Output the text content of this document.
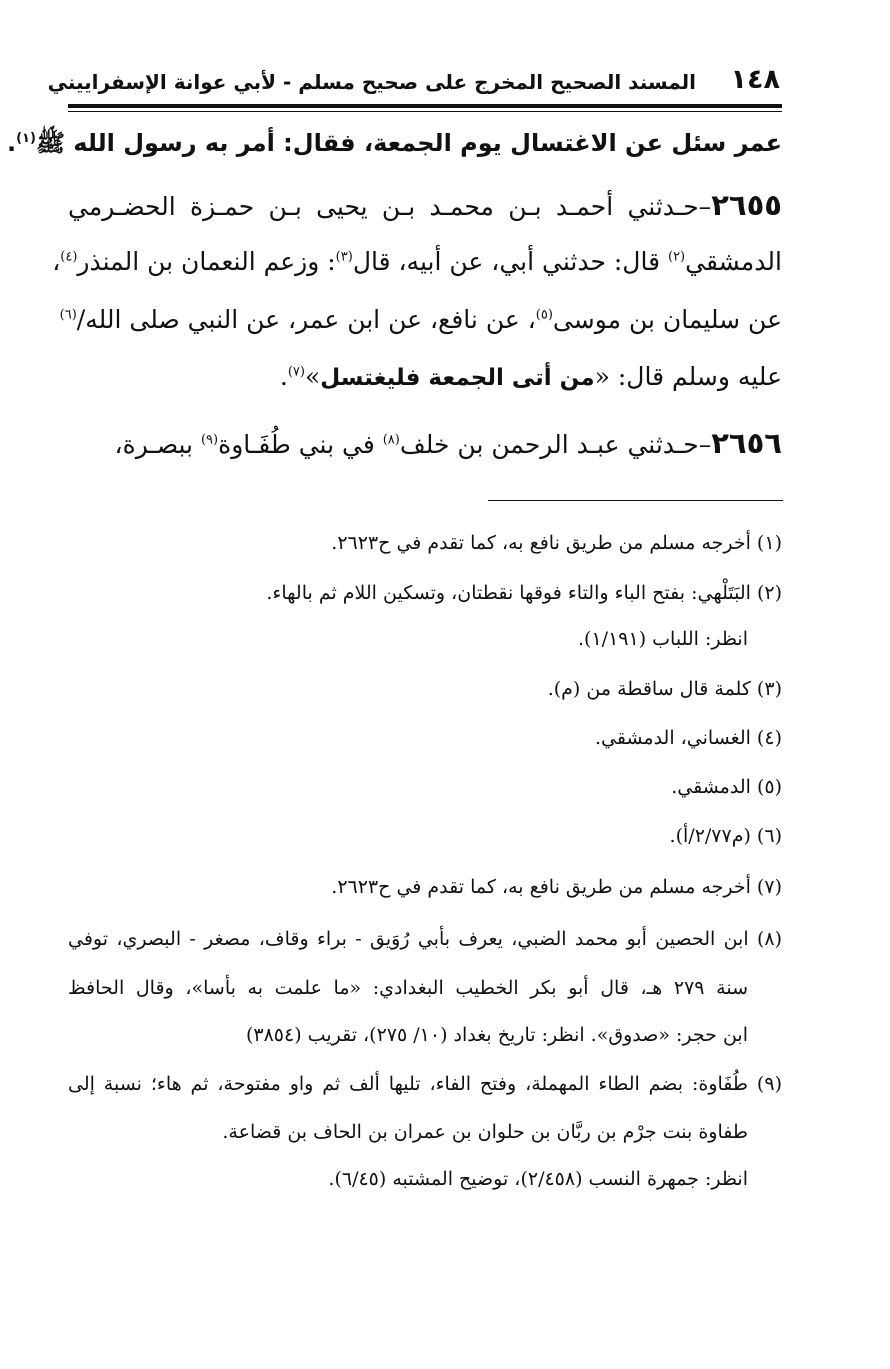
١٤٨
المسند الصحيح المخرج على صحيح مسلم - لأبي عوانة الإسفراييني
عمر سئل عن الاغتسال يوم الجمعة، فقال: أمر به رسول الله ﷺ$^{(١)}$.
٢٦٥٥–حـدثني أحمـد بـن محمـد بـن يحيى بـن حمـزة الحضـرمي
الدمشقي$^{(٢)}$ قال: حدثني أبي، عن أبيه، قال$^{(٣)}$: وزعم النعمان بن المنذر$^{(٤)}$،
عن سليمان بن موسى$^{(٥)}$، عن نافع، عن ابن عمر، عن النبي صلى الله/$^{(٦)}$
عليه وسلم قال: «من أتى الجمعة فليغتسل»$^{(٧)}$.
٢٦٥٦–حـدثني عبـد الرحمن بن خلف$^{(٨)}$ في بني طُفَـاوة$^{(٩)}$ ببصـرة،
(١) أخرجه مسلم من طريق نافع به، كما تقدم في ح٢٦٢٣.
(٢) البَتَلْهي: بفتح الباء والتاء فوقها نقطتان، وتسكين اللام ثم بالهاء.
انظر: اللباب (١/١٩١).
(٣) كلمة قال ساقطة من (م).
(٤) الغساني، الدمشقي.
(٥) الدمشقي.
(٦) (م٢/٧٧/أ).
(٧) أخرجه مسلم من طريق نافع به، كما تقدم في ح٢٦٢٣.
(٨) ابن الحصين أبو محمد الضبي، يعرف بأبي رُوَيق - براء وقاف، مصغر - البصري، توفي
سنة ٢٧٩ هـ، قال أبو بكر الخطيب البغدادي: «ما علمت به بأسا»، وقال الحافظ
ابن حجر: «صدوق». انظر: تاريخ بغداد (١٠/ ٢٧٥)، تقريب (٣٨٥٤)
(٩) طُفَاوة: بضم الطاء المهملة، وفتح الفاء، تليها ألف ثم واو مفتوحة، ثم هاء؛ نسبة إلى
طفاوة بنت جرْم بن ربَّان بن حلوان بن عمران بن الحاف بن قضاعة.
انظر: جمهرة النسب (٢/٤٥٨)، توضيح المشتبه (٦/٤٥).
